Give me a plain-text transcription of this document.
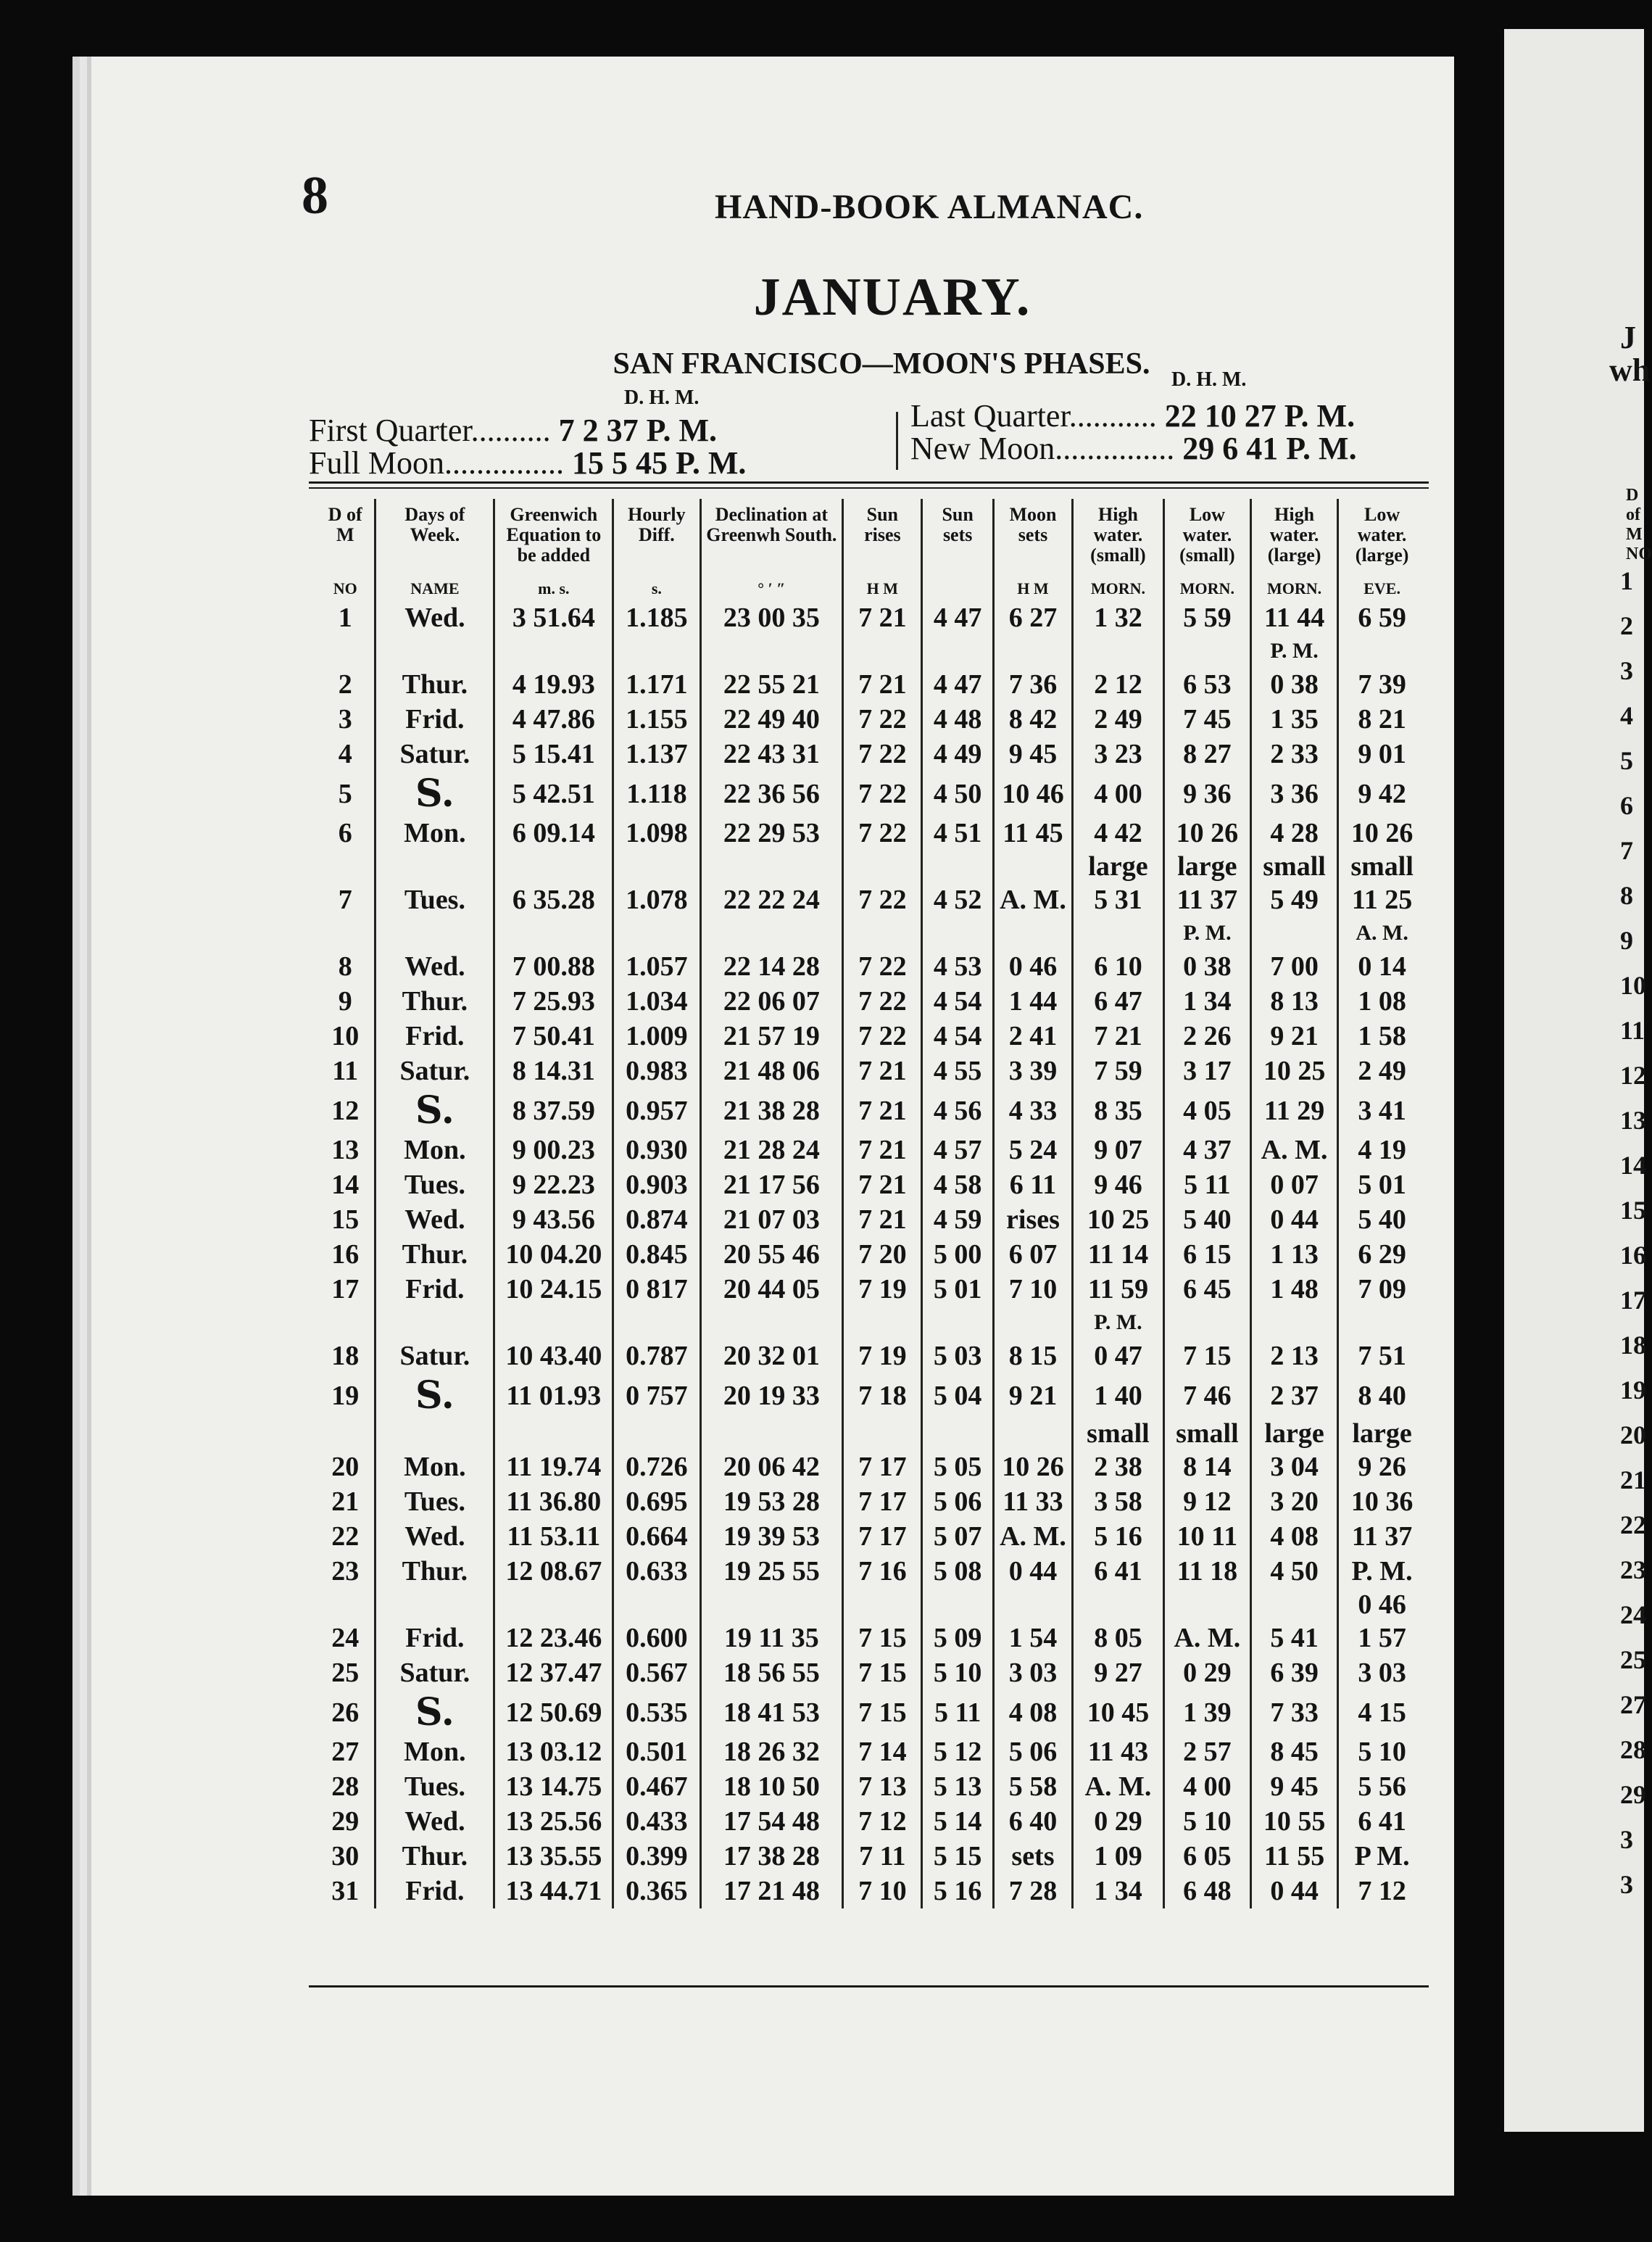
8	HAND-BOOK ALMANAC.
JANUARY.
SAN FRANCISCO—MOON'S PHASES.
D. H. M.
D. H. M.
First Quarter.......... 7 2 37 P. M.
Full Moon............... 15 5 45 P. M.
Last Quarter........... 22 10 27 P. M.
New Moon............... 29 6 41 P. M.
D of M	Days of Week.	Greenwich Equation to be added	Hourly Diff.	Declination at Greenwh South.	Sun rises	Sun sets	Moon sets	High water. (small)	Low water. (small)	High water. (large)	Low water. (large)
NO	NAME	m. s.	s.	° ′ ″	H M		H M	MORN.	MORN.	MORN.	EVE.
1	Wed.	3 51.64	1.185	23 00 35	7 21	4 47	6 27	1 32	5 59	11 44	6 59
										P. M.	
2	Thur.	4 19.93	1.171	22 55 21	7 21	4 47	7 36	2 12	6 53	0 38	7 39
3	Frid.	4 47.86	1.155	22 49 40	7 22	4 48	8 42	2 49	7 45	1 35	8 21
4	Satur.	5 15.41	1.137	22 43 31	7 22	4 49	9 45	3 23	8 27	2 33	9 01
5	S.	5 42.51	1.118	22 36 56	7 22	4 50	10 46	4 00	9 36	3 36	9 42
6	Mon.	6 09.14	1.098	22 29 53	7 22	4 51	11 45	4 42	10 26	4 28	10 26
								large	large	small	small
7	Tues.	6 35.28	1.078	22 22 24	7 22	4 52	A. M.	5 31	11 37	5 49	11 25
									P. M.		A. M.
8	Wed.	7 00.88	1.057	22 14 28	7 22	4 53	0 46	6 10	0 38	7 00	0 14
9	Thur.	7 25.93	1.034	22 06 07	7 22	4 54	1 44	6 47	1 34	8 13	1 08
10	Frid.	7 50.41	1.009	21 57 19	7 22	4 54	2 41	7 21	2 26	9 21	1 58
11	Satur.	8 14.31	0.983	21 48 06	7 21	4 55	3 39	7 59	3 17	10 25	2 49
12	S.	8 37.59	0.957	21 38 28	7 21	4 56	4 33	8 35	4 05	11 29	3 41
13	Mon.	9 00.23	0.930	21 28 24	7 21	4 57	5 24	9 07	4 37	A. M.	4 19
14	Tues.	9 22.23	0.903	21 17 56	7 21	4 58	6 11	9 46	5 11	0 07	5 01
15	Wed.	9 43.56	0.874	21 07 03	7 21	4 59	rises	10 25	5 40	0 44	5 40
16	Thur.	10 04.20	0.845	20 55 46	7 20	5 00	6 07	11 14	6 15	1 13	6 29
17	Frid.	10 24.15	0 817	20 44 05	7 19	5 01	7 10	11 59	6 45	1 48	7 09
								P. M.			
18	Satur.	10 43.40	0.787	20 32 01	7 19	5 03	8 15	0 47	7 15	2 13	7 51
19	S.	11 01.93	0 757	20 19 33	7 18	5 04	9 21	1 40	7 46	2 37	8 40
								small	small	large	large
20	Mon.	11 19.74	0.726	20 06 42	7 17	5 05	10 26	2 38	8 14	3 04	9 26
21	Tues.	11 36.80	0.695	19 53 28	7 17	5 06	11 33	3 58	9 12	3 20	10 36
22	Wed.	11 53.11	0.664	19 39 53	7 17	5 07	A. M.	5 16	10 11	4 08	11 37
23	Thur.	12 08.67	0.633	19 25 55	7 16	5 08	0 44	6 41	11 18	4 50	P. M.
											0 46
24	Frid.	12 23.46	0.600	19 11 35	7 15	5 09	1 54	8 05	A. M.	5 41	1 57
25	Satur.	12 37.47	0.567	18 56 55	7 15	5 10	3 03	9 27	0 29	6 39	3 03
26	S.	12 50.69	0.535	18 41 53	7 15	5 11	4 08	10 45	1 39	7 33	4 15
27	Mon.	13 03.12	0.501	18 26 32	7 14	5 12	5 06	11 43	2 57	8 45	5 10
28	Tues.	13 14.75	0.467	18 10 50	7 13	5 13	5 58	A. M.	4 00	9 45	5 56
29	Wed.	13 25.56	0.433	17 54 48	7 12	5 14	6 40	0 29	5 10	10 55	6 41
30	Thur.	13 35.55	0.399	17 38 28	7 11	5 15	sets	1 09	6 05	11 55	P M.
31	Frid.	13 44.71	0.365	17 21 48	7 10	5 16	7 28	1 34	6 48	0 44	7 12
J
wh
D of M NO
1
2
3
4
5
6
7
8
9
10
11
12
13
14
15
16
17
18
19
20
21
22
23
24
25
27
28
29
3
3
